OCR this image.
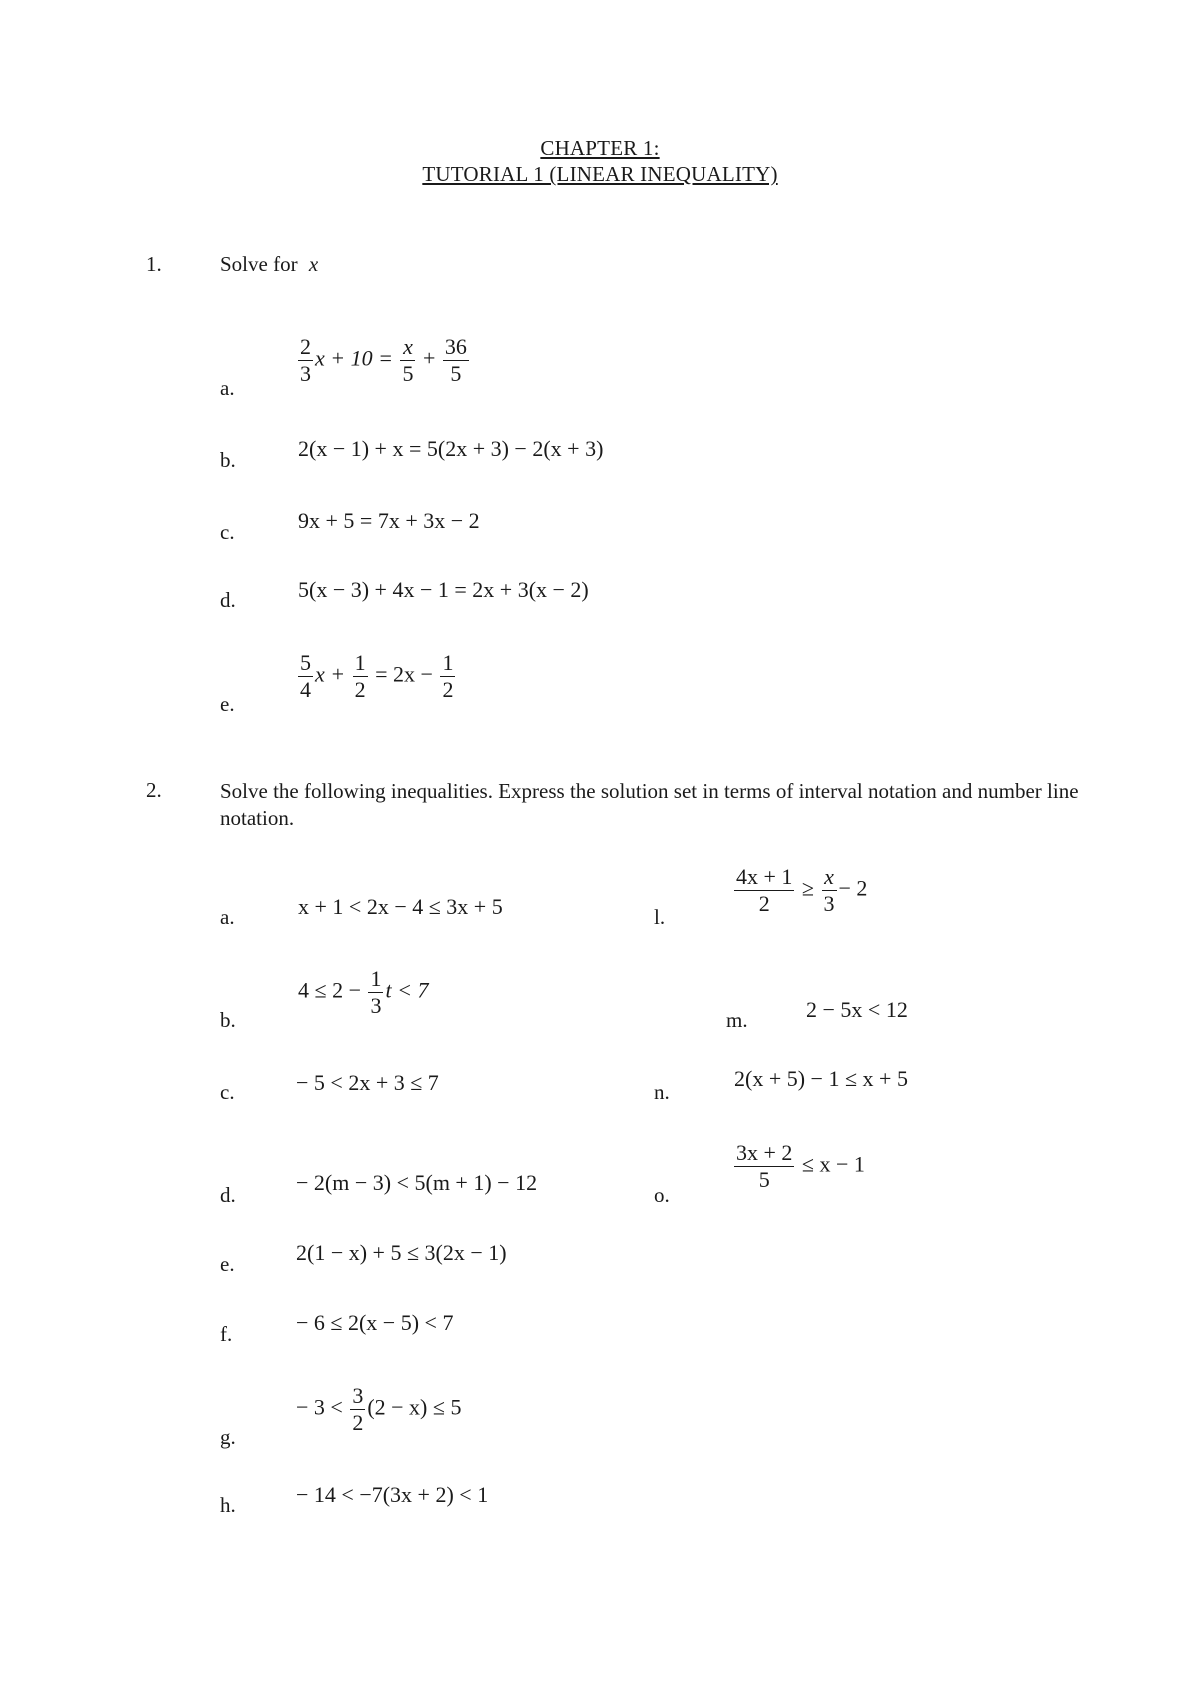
CHAPTER 1:
TUTORIAL 1 (LINEAR INEQUALITY)
1.	Solve for x
a.
$\frac{2}{3}$ $x + 10 = \frac{x}{5} + \frac{36}{5}$
b.	2(x − 1) + x = 5(2x + 3) − 2(x + 3)
c.	9x + 5 = 7x + 3x − 2
d.	5(x − 3) + 4x − 1 = 2x + 3(x − 2)
e.
$\frac{5}{4}$ $x + \frac{1}{2} = 2x - \frac{1}{2}$
2.	Solve the following inequalities. Express the solution set in terms of interval notation and number line notation.
a.	x + 1 < 2x − 4 ≤ 3x + 5
b.
$4 \le 2 - \frac{1}{3}$ t < 7
c.	− 5 < 2x + 3 ≤ 7
d.	− 2(m − 3) < 5(m + 1) − 12
e.	2(1 − x) + 5 ≤ 3(2x − 1)
f.	− 6 ≤ 2(x − 5) < 7
g.
− $3 < \frac{3}{2} (2 - x) \le 5$
h.	− 14 < −7(3x + 2) < 1
l.	$\frac{4x + 1}{2} \ge \frac{x}{3} - 2$
m.	2 − 5x < 12
n.
2(x + 5) − 1 ≤ x + 5
o.
$\frac{3x + 2}{5} \le x - 1$
